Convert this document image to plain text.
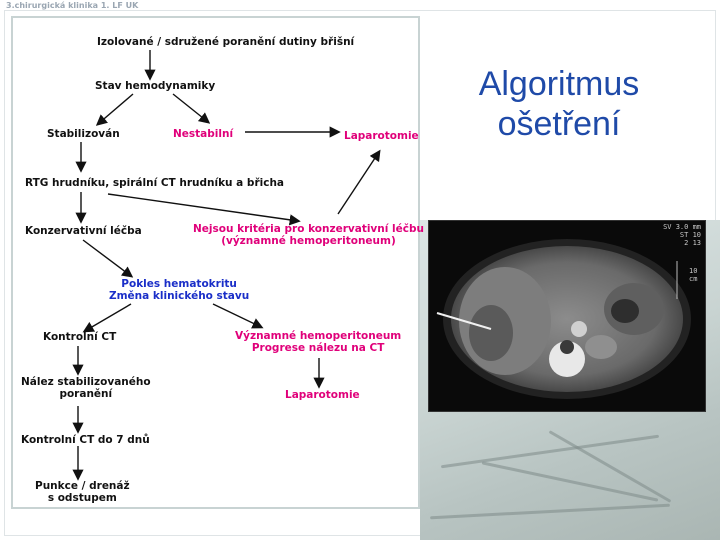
3.chirurgická klinika 1. LF UK
Algoritmus
ošetření
Izolované / sdružené poranění dutiny břišní
Stav hemodynamiky
Stabilizován	Nestabilní	Laparotomie
RTG hrudníku, spirální CT hrudníku a břicha
Konzervativní léčba	Nejsou kritéria pro konzervativní léčbu
(významné hemoperitoneum)
Pokles hematokritu
Změna klinického stavu
Kontrolní CT	Významné hemoperitoneum
Progrese nálezu na CT
Nález stabilizovaného
poranění	Laparotomie
Kontrolní CT do 7 dnů
Punkce / drenáž
s odstupem
SV 3.0 mm
ST 10
2 13
10 cm
